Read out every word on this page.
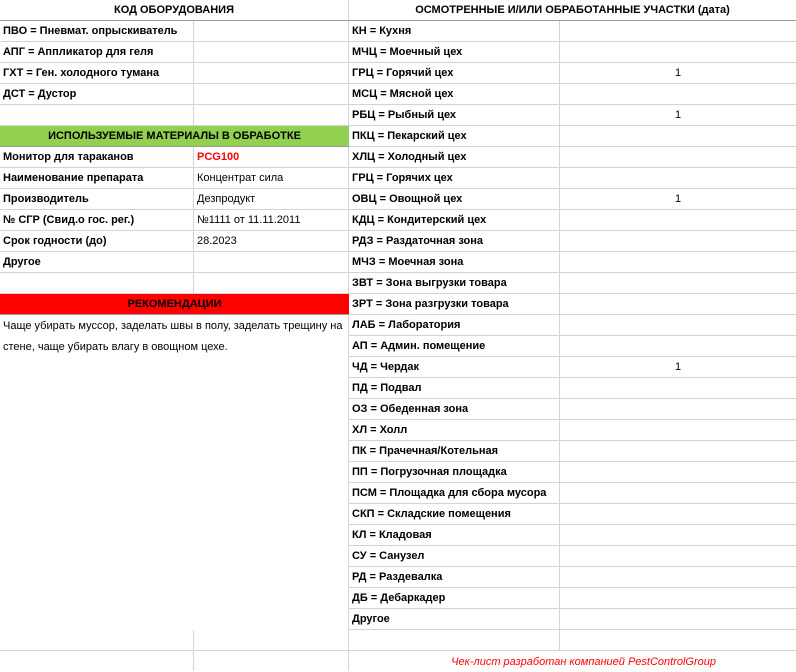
КОД ОБОРУДОВАНИЯ
ПВО = Пневмат. опрыскиватель
АПГ = Аппликатор для геля
ГХТ = Ген. холодного тумана
ДСТ = Дустор
ИСПОЛЬЗУЕМЫЕ МАТЕРИАЛЫ В ОБРАБОТКЕ
Монитор для тараканов	PCG100
Наименование препарата	Концентрат сила
Производитель	Дезпродукт
№ СГР (Свид.о гос. рег.)	№1111 от 11.11.2011
Срок годности (до)	28.2023
Другое
РЕКОМЕНДАЦИИ
Чаще убирать муссор, заделать швы в полу, заделать трещину на стене, чаще убирать влагу в овощном цехе.
ОСМОТРЕННЫЕ И/ИЛИ ОБРАБОТАННЫЕ УЧАСТКИ (дата)
КН = Кухня
МЧЦ = Моечный цех
ГРЦ = Горячий цех	1
МСЦ = Мясной цех
РБЦ = Рыбный цех	1
ПКЦ = Пекарский цех
ХЛЦ = Холодный цех
ГРЦ = Горячих цех
ОВЦ = Овощной цех	1
КДЦ = Кондитерский цех
РДЗ = Раздаточная зона
МЧЗ = Моечная зона
ЗВТ = Зона выгрузки товара
ЗРТ = Зона разгрузки товара
ЛАБ = Лаборатория
АП = Админ. помещение
ЧД = Чердак	1
ПД = Подвал
ОЗ = Обеденная зона
ХЛ = Холл
ПК = Прачечная/Котельная
ПП = Погрузочная площадка
ПСМ = Площадка для сбора мусора
СКП = Складские помещения
КЛ = Кладовая
СУ = Санузел
РД = Раздевалка
ДБ = Дебаркадер
Другое
Чек-лист разработан компанией PestControlGroup
